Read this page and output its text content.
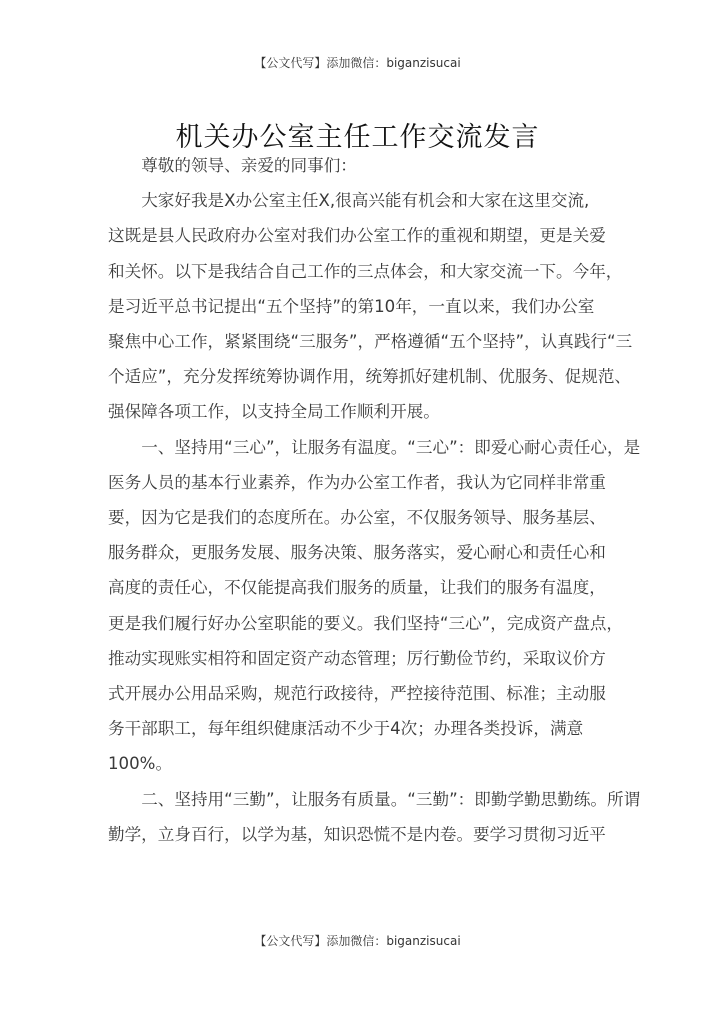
【公文代写】添加微信：biganzisucai
机关办公室主任工作交流发言

尊敬的领导、亲爱的同事们：

大家好我是X办公室主任X,很高兴能有机会和大家在这里交流,
这既是县人民政府办公室对我们办公室工作的重视和期望，更是关爱
和关怀。以下是我结合自己工作的三点体会，和大家交流一下。今年，
是习近平总书记提出“五个坚持”的第10年，一直以来，我们办公室
聚焦中心工作，紧紧围绕“三服务”，严格遵循“五个坚持”，认真践行“三
个适应”，充分发挥统筹协调作用，统筹抓好建机制、优服务、促规范、
强保障各项工作，以支持全局工作顺利开展。

一、坚持用“三心”，让服务有温度。“三心”：即爱心耐心责任心，是
医务人员的基本行业素养，作为办公室工作者，我认为它同样非常重
要，因为它是我们的态度所在。办公室，不仅服务领导、服务基层、
服务群众，更服务发展、服务决策、服务落实，爱心耐心和责任心和
高度的责任心，不仅能提高我们服务的质量，让我们的服务有温度，
更是我们履行好办公室职能的要义。我们坚持“三心”，完成资产盘点，
推动实现账实相符和固定资产动态管理；厉行勤俭节约，采取议价方
式开展办公用品采购，规范行政接待，严控接待范围、标准；主动服
务干部职工，每年组织健康活动不少于4次；办理各类投诉，满意
100%。

二、坚持用“三勤”，让服务有质量。“三勤”：即勤学勤思勤练。所谓
勤学，立身百行，以学为基，知识恐慌不是内卷。要学习贯彻习近平

【公文代写】添加微信：biganzisucai
